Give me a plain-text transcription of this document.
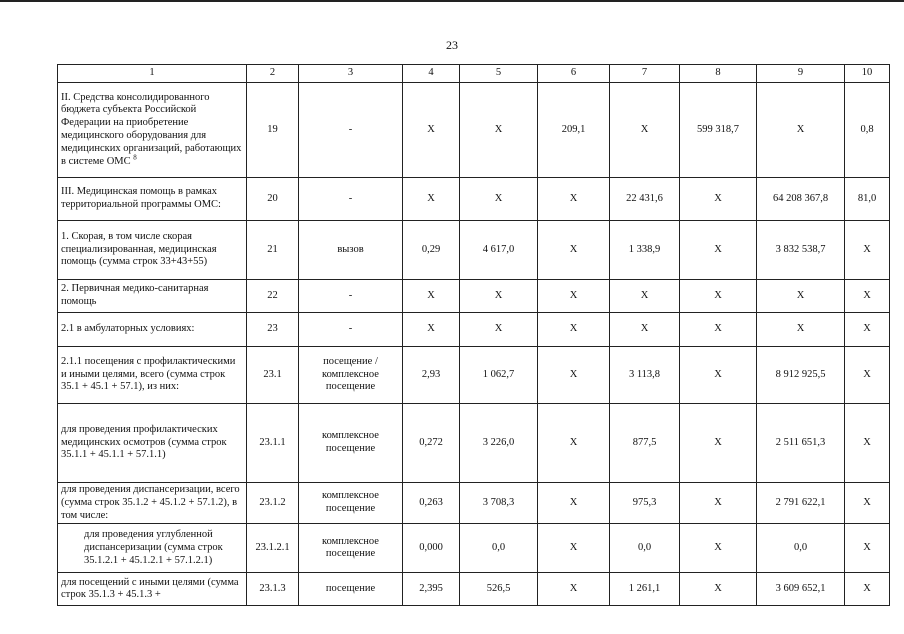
23
1	2	3	4	5	6	7	8	9	10
II. Средства консолидированного бюджета субъекта Российской Федерации на приобретение медицинского оборудования для медицинских организаций, работающих в системе ОМС $^8$	19	-	X	X	209,1	X	599 318,7	X	0,8
III. Медицинская помощь в рамках территориальной программы ОМС:	20	-	X	X	X	22 431,6	X	64 208 367,8	81,0
1. Скорая, в том числе скорая специализированная, медицинская помощь (сумма строк 33+43+55)	21	вызов	0,29	4 617,0	X	1 338,9	X	3 832 538,7	X
2. Первичная медико-санитарная помощь	22	-	X	X	X	X	X	X	X
2.1 в амбулаторных условиях:	23	-	X	X	X	X	X	X	X
2.1.1 посещения с профилактическими и иными целями, всего (сумма строк 35.1 + 45.1 + 57.1), из них:	23.1	посещение / комплексное посещение	2,93	1 062,7	X	3 113,8	X	8 912 925,5	X
для проведения профилактических медицинских осмотров (сумма строк 35.1.1 + 45.1.1 + 57.1.1)	23.1.1	комплексное посещение	0,272	3 226,0	X	877,5	X	2 511 651,3	X
для проведения диспансеризации, всего (сумма строк 35.1.2 + 45.1.2 + 57.1.2), в том числе:	23.1.2	комплексное посещение	0,263	3 708,3	X	975,3	X	2 791 622,1	X
для проведения углубленной диспансеризации (сумма строк 35.1.2.1 + 45.1.2.1 + 57.1.2.1)	23.1.2.1	комплексное посещение	0,000	0,0	X	0,0	X	0,0	X
для посещений с иными целями (сумма строк 35.1.3 + 45.1.3 +	23.1.3	посещение	2,395	526,5	X	1 261,1	X	3 609 652,1	X
